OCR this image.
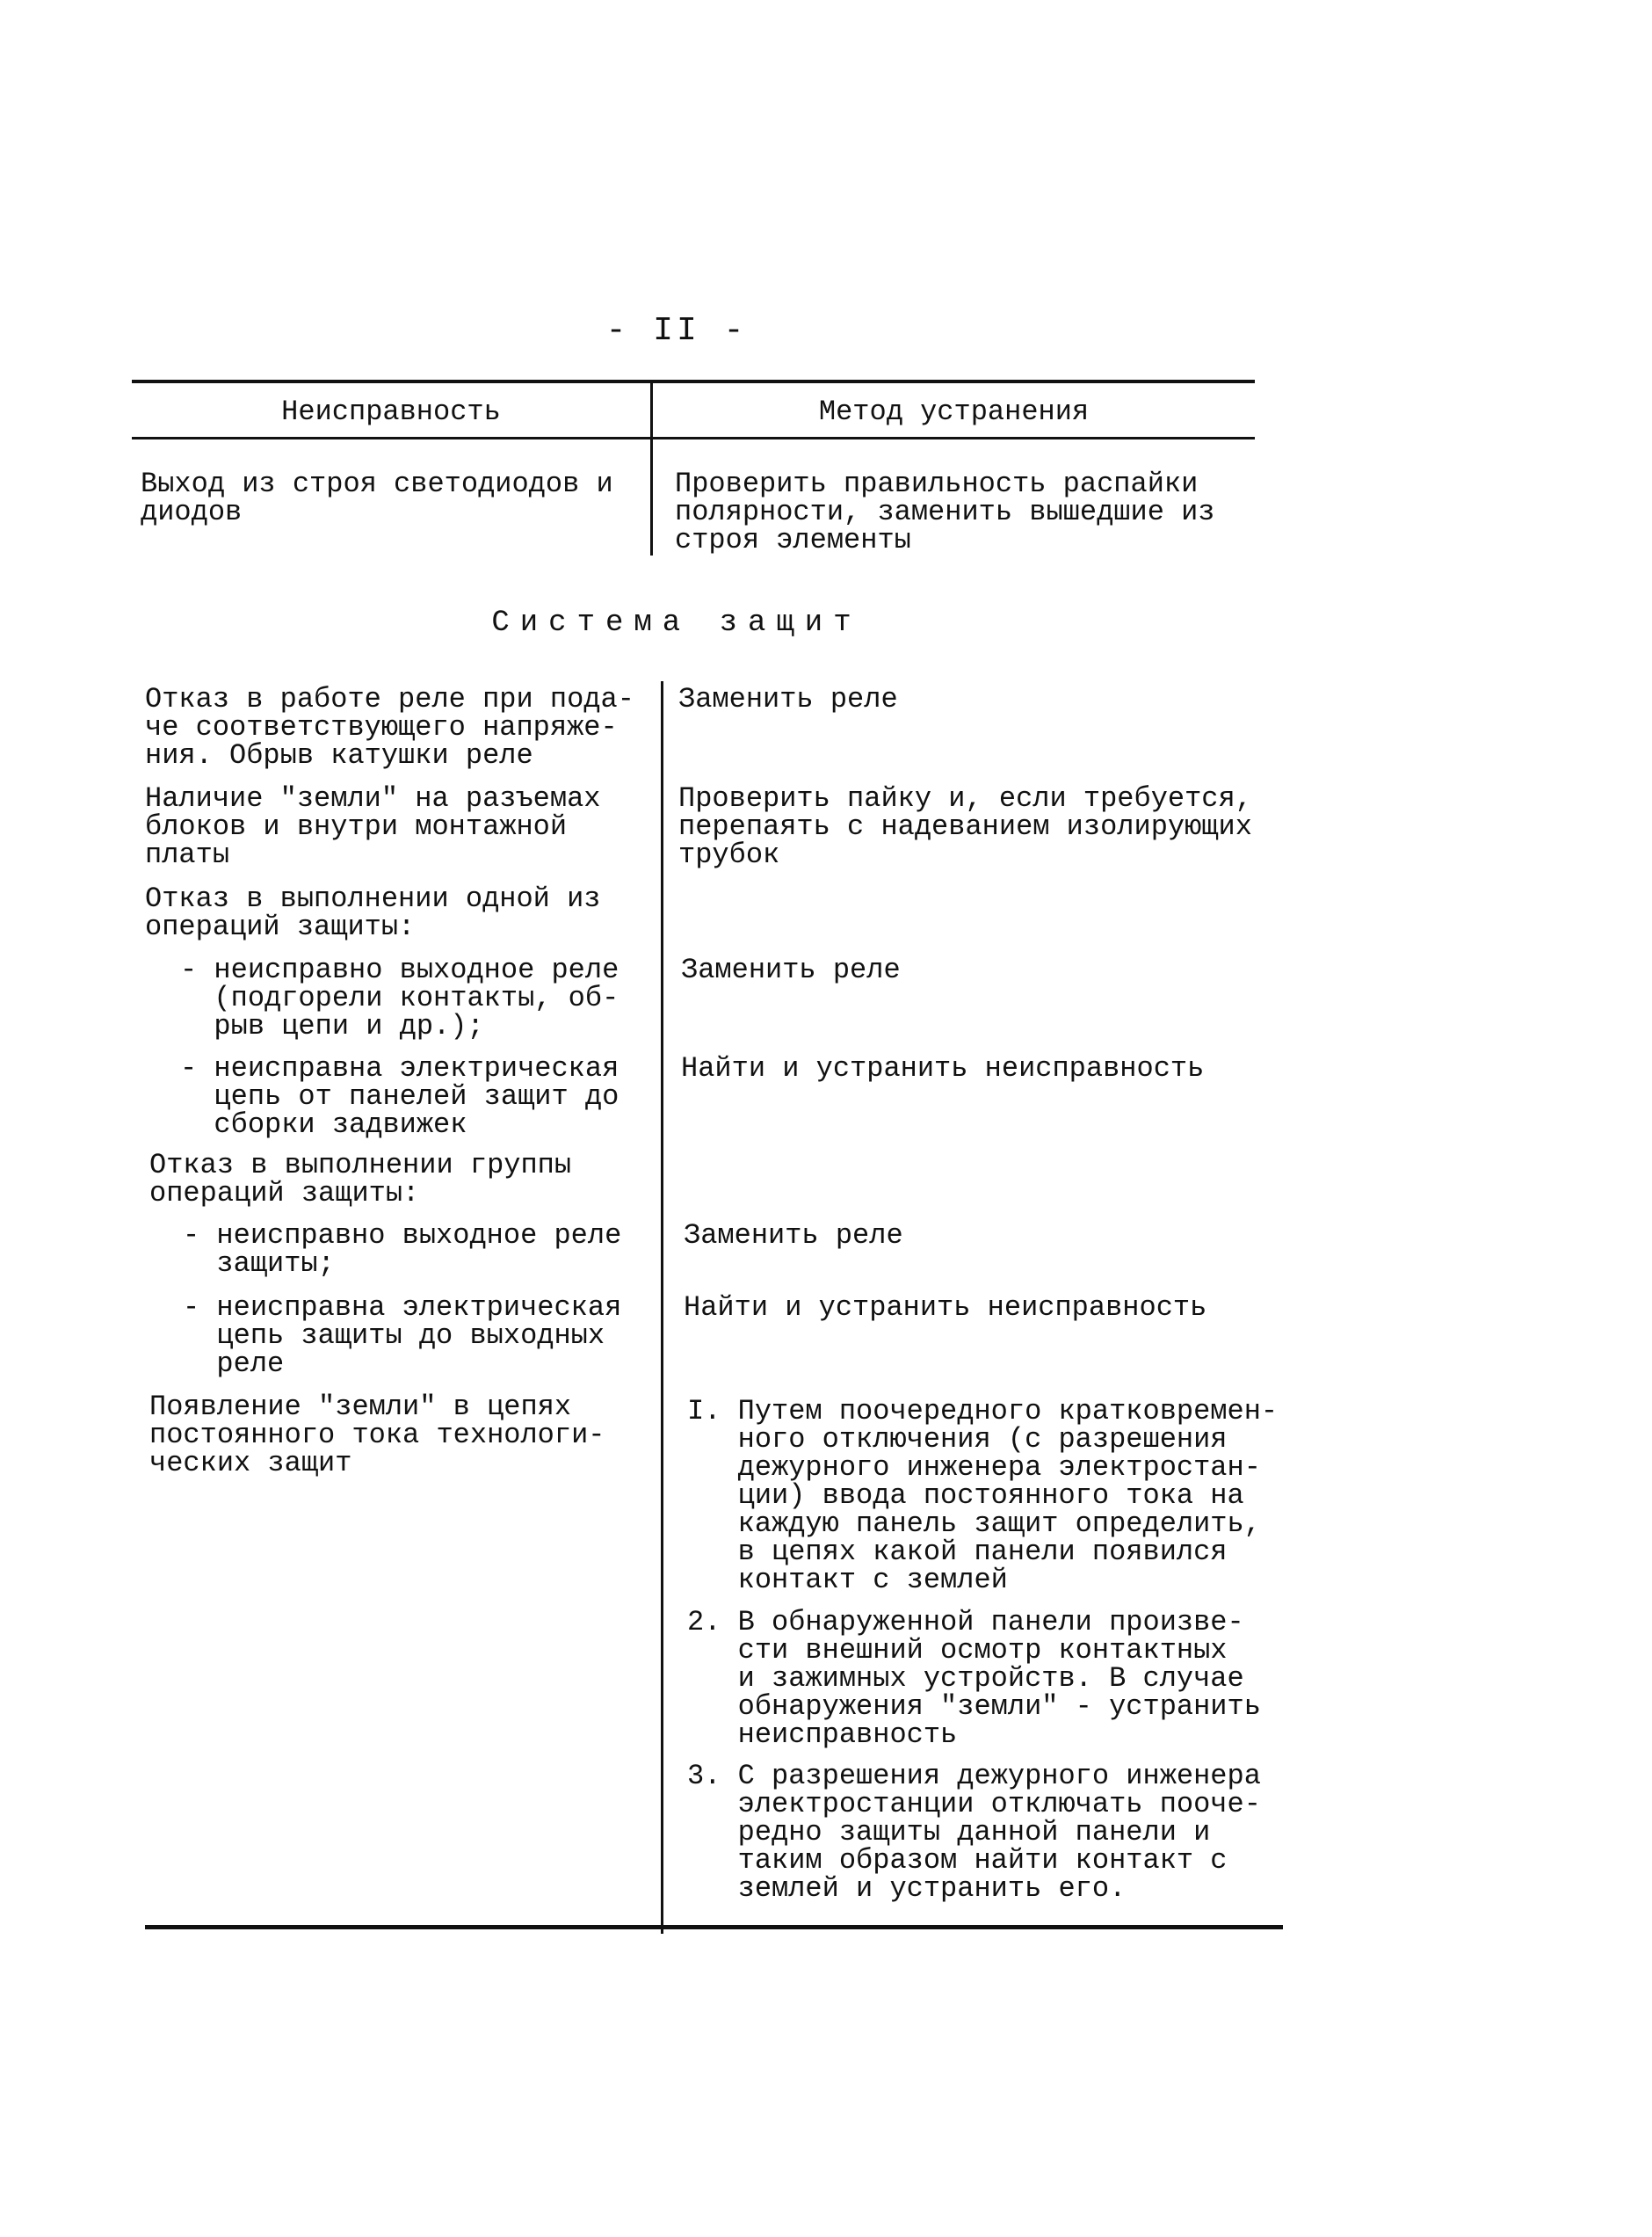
- II -
Неисправность	Метод устранения
Выход из строя светодиодов и
диодов
Проверить правильность распайки
полярности, заменить вышедшие из
строя элементы
Система защит
Отказ в работе реле при пода-
че соответствующего напряже-
ния. Обрыв катушки реле
Заменить реле
Наличие "земли" на разъемах
блоков и внутри монтажной
платы
Проверить пайку и, если требуется,
перепаять с надеванием изолирующих
трубок
Отказ в выполнении одной из
операций защиты:
- неисправно выходное реле
(подгорели контакты, об-
рыв цепи и др.);
Заменить реле
- неисправна электрическая
цепь от панелей защит до
сборки задвижек
Найти и устранить неисправность
Отказ в выполнении группы
операций защиты:
- неисправно выходное реле
защиты;
Заменить реле
- неисправна электрическая
цепь защиты до выходных
реле
Найти и устранить неисправность
Появление "земли" в цепях
постоянного тока технологи-
ческих защит
I. Путем поочередного кратковремен-
ного отключения (с разрешения
дежурного инженера электростан-
ции) ввода постоянного тока на
каждую панель защит определить,
в цепях какой панели появился
контакт с землей
2. В обнаруженной панели произве-
сти внешний осмотр контактных
и зажимных устройств. В случае
обнаружения "земли" - устранить
неисправность
3. С разрешения дежурного инженера
электростанции отключать пооче-
редно защиты данной панели и
таким образом найти контакт с
землей и устранить его.
